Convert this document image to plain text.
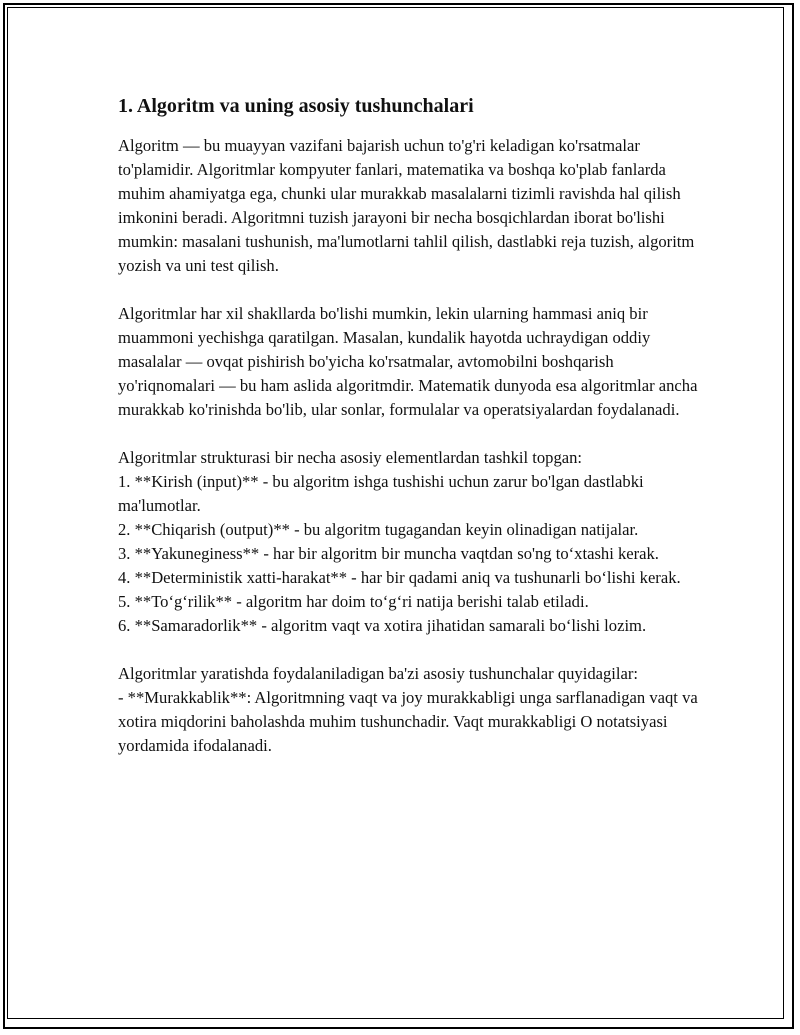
1. Algoritm va uning asosiy tushunchalari

Algoritm — bu muayyan vazifani bajarish uchun to'g'ri keladigan ko'rsatmalar to'plamidir. Algoritmlar kompyuter fanlari, matematika va boshqa ko'plab fanlarda muhim ahamiyatga ega, chunki ular murakkab masalalarni tizimli ravishda hal qilish imkonini beradi. Algoritmni tuzish jarayoni bir necha bosqichlardan iborat bo'lishi mumkin: masalani tushunish, ma'lumotlarni tahlil qilish, dastlabki reja tuzish, algoritm yozish va uni test qilish.

Algoritmlar har xil shakllarda bo'lishi mumkin, lekin ularning hammasi aniq bir muammoni yechishga qaratilgan. Masalan, kundalik hayotda uchraydigan oddiy masalalar — ovqat pishirish bo'yicha ko'rsatmalar, avtomobilni boshqarish yo'riqnomalari — bu ham aslida algoritmdir. Matematik dunyoda esa algoritmlar ancha murakkab ko'rinishda bo'lib, ular sonlar, formulalar va operatsiyalardan foydalanadi.

Algoritmlar strukturasi bir necha asosiy elementlardan tashkil topgan:

1. **Kirish (input)** - bu algoritm ishga tushishi uchun zarur bo'lgan dastlabki ma'lumotlar.

2. **Chiqarish (output)** - bu algoritm tugagandan keyin olinadigan natijalar.

3. **Yakuneginess** - har bir algoritm bir muncha vaqtdan so'ng to‘xtashi kerak.

4. **Deterministik xatti-harakat** - har bir qadami aniq va tushunarli bo‘lishi kerak.

5. **To‘g‘rilik** - algoritm har doim to‘g‘ri natija berishi talab etiladi.

6. **Samaradorlik** - algoritm vaqt va xotira jihatidan samarali bo‘lishi lozim.

Algoritmlar yaratishda foydalaniladigan ba'zi asosiy tushunchalar quyidagilar:

- **Murakkablik**: Algoritmning vaqt va joy murakkabligi unga sarflanadigan vaqt va xotira miqdorini baholashda muhim tushunchadir. Vaqt murakkabligi O notatsiyasi yordamida ifodalanadi.
